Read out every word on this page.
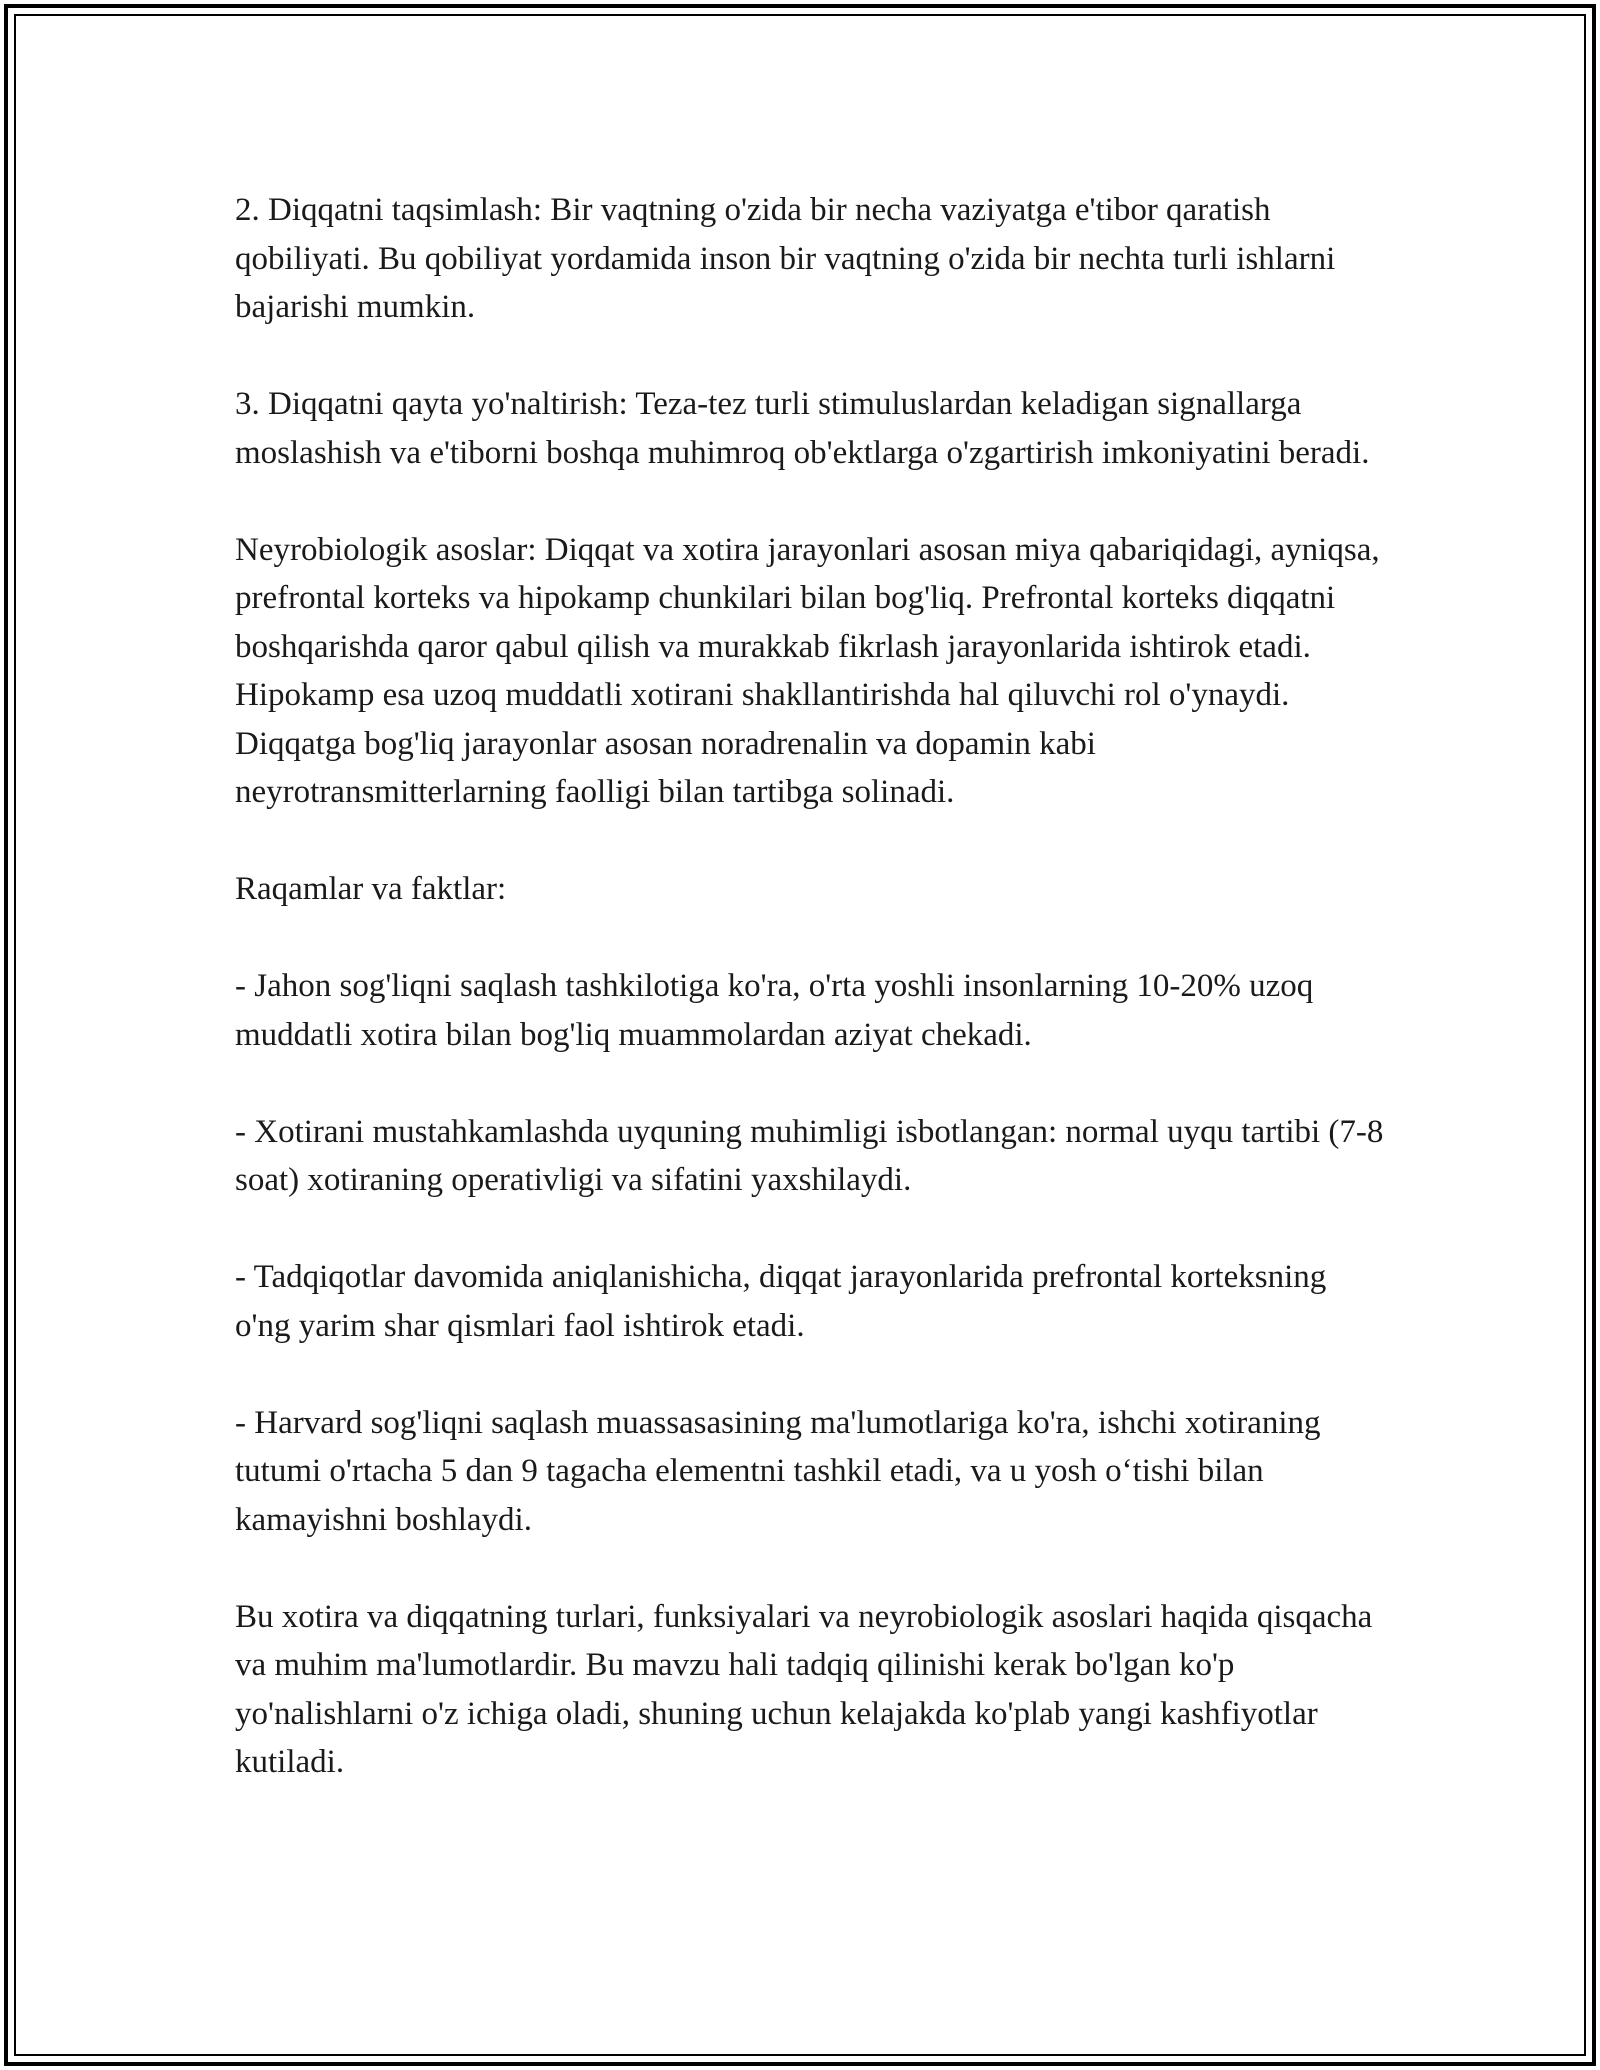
2. Diqqatni taqsimlash: Bir vaqtning o'zida bir necha vaziyatga e'tibor qaratish qobiliyati. Bu qobiliyat yordamida inson bir vaqtning o'zida bir nechta turli ishlarni bajarishi mumkin.

3. Diqqatni qayta yo'naltirish: Teza-tez turli stimuluslardan keladigan signallarga moslashish va e'tiborni boshqa muhimroq ob'ektlarga o'zgartirish imkoniyatini beradi.

Neyrobiologik asoslar: Diqqat va xotira jarayonlari asosan miya qabariqidagi, ayniqsa, prefrontal korteks va hipokamp chunkilari bilan bog'liq. Prefrontal korteks diqqatni boshqarishda qaror qabul qilish va murakkab fikrlash jarayonlarida ishtirok etadi. Hipokamp esa uzoq muddatli xotirani shakllantirishda hal qiluvchi rol o'ynaydi. Diqqatga bog'liq jarayonlar asosan noradrenalin va dopamin kabi neyrotransmitterlarning faolligi bilan tartibga solinadi.

Raqamlar va faktlar:

- Jahon sog'liqni saqlash tashkilotiga ko'ra, o'rta yoshli insonlarning 10-20% uzoq muddatli xotira bilan bog'liq muammolardan aziyat chekadi.

- Xotirani mustahkamlashda uyquning muhimligi isbotlangan: normal uyqu tartibi (7-8 soat) xotiraning operativligi va sifatini yaxshilaydi.

- Tadqiqotlar davomida aniqlanishicha, diqqat jarayonlarida prefrontal korteksning o'ng yarim shar qismlari faol ishtirok etadi.

- Harvard sog'liqni saqlash muassasasining ma'lumotlariga ko'ra, ishchi xotiraning tutumi o'rtacha 5 dan 9 tagacha elementni tashkil etadi, va u yosh o‘tishi bilan kamayishni boshlaydi.

Bu xotira va diqqatning turlari, funksiyalari va neyrobiologik asoslari haqida qisqacha va muhim ma'lumotlardir. Bu mavzu hali tadqiq qilinishi kerak bo'lgan ko'p yo'nalishlarni o'z ichiga oladi, shuning uchun kelajakda ko'plab yangi kashfiyotlar kutiladi.
